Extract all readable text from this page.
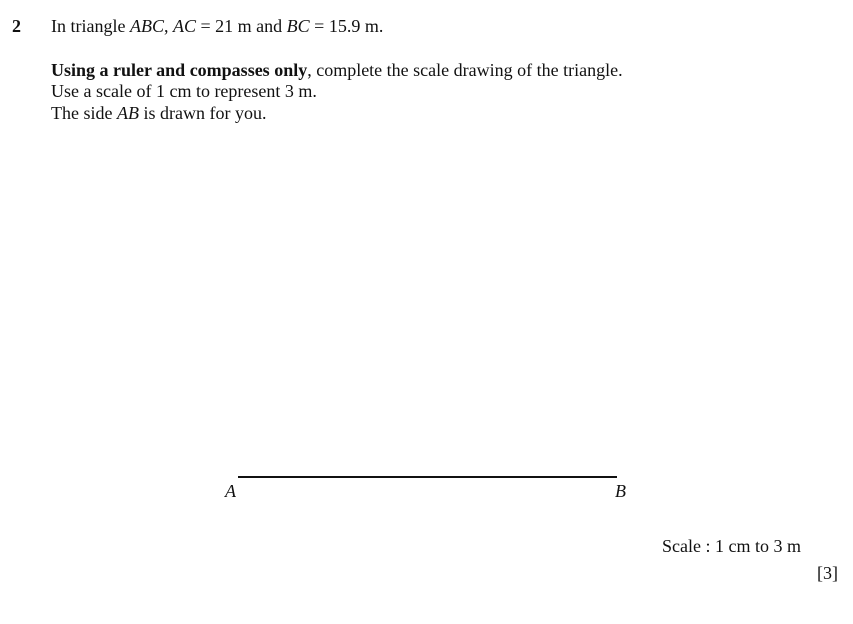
2 In triangle ABC, AC = 21 m and BC = 15.9 m.
Using a ruler and compasses only, complete the scale drawing of the triangle.
Use a scale of 1 cm to represent 3 m.
The side AB is drawn for you.
A	B
Scale : 1 cm to 3 m
[3]
